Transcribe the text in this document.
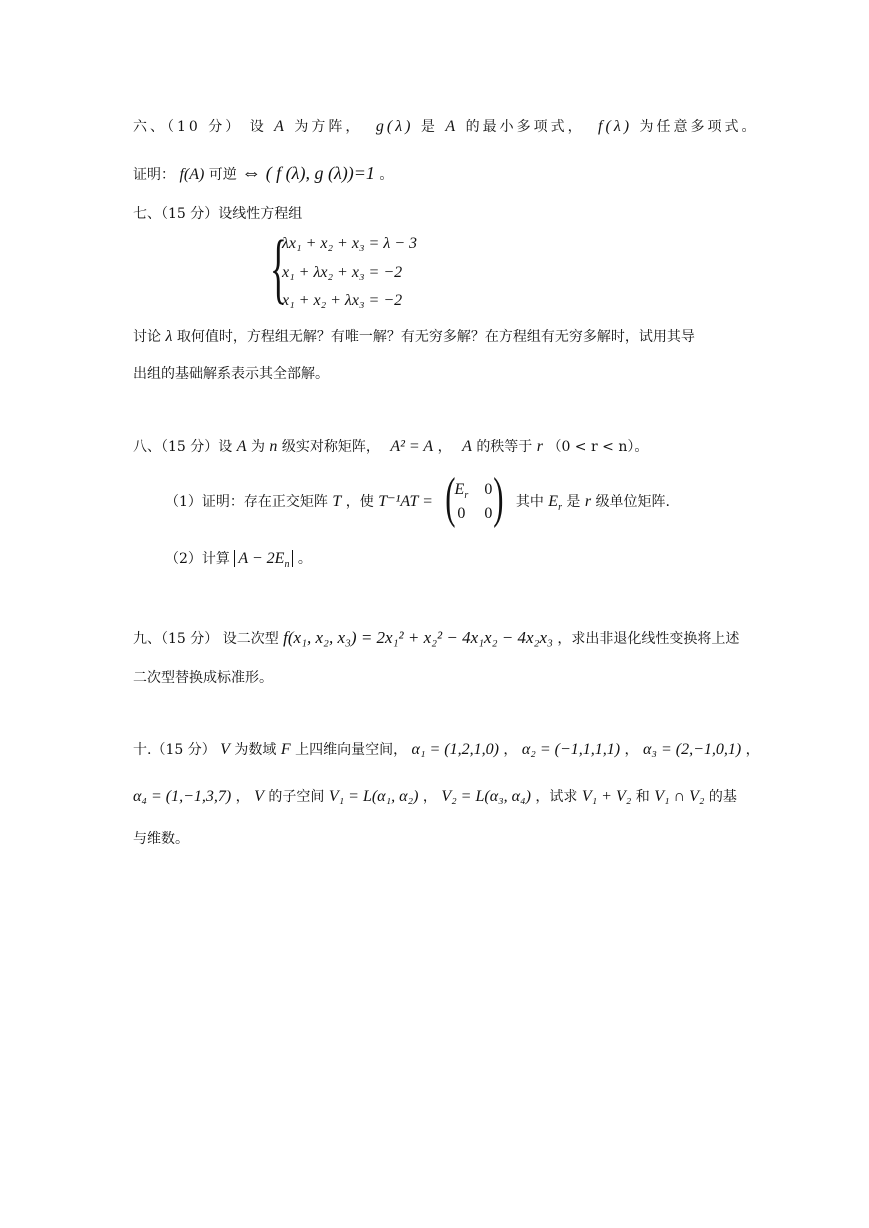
六、（10 分） 设 A 为方阵， g(λ) 是 A 的最小多项式， f(λ) 为任意多项式。
证明： f(A) 可逆 ⇔ ( f (λ), g (λ))=1 。
七、（15 分）设线性方程组
{
λx₁ + x₂ + x₃ = λ − 3
x₁ + λx₂ + x₃ = −2
x₁ + x₂ + λx₃ = −2
讨论 λ 取何值时，方程组无解？有唯一解？有无穷多解？在方程组有无穷多解时，试用其导
出组的基础解系表示其全部解。
八、（15 分）设 A 为 n 级实对称矩阵， A² = A ， A 的秩等于 r （0 < r < n）。
（1）证明：存在正交矩阵 T ，使 T⁻¹AT = (
$E_r$	0
0	0 ) 其中 $E_r$ 是 r 级单位矩阵.
（2）计算 $A - 2E_n$ 。
九、（15 分） 设二次型 f(x₁, x₂, x₃) = 2x₁² + x₂² − 4x₁x₂ − 4x₂x₃ ，求出非退化线性变换将上述
二次型替换成标准形。
十.（15 分） V 为数域 F 上四维向量空间， α₁ = (1,2,1,0) ， α₂ = (−1,1,1,1) ， α₃ = (2,−1,0,1) ，
α₄ = (1,−1,3,7) ， V 的子空间 V₁ = L(α₁, α₂) ， V₂ = L(α₃, α₄) ，试求 V₁ + V₂ 和 V₁ ∩ V₂ 的基
与维数。
